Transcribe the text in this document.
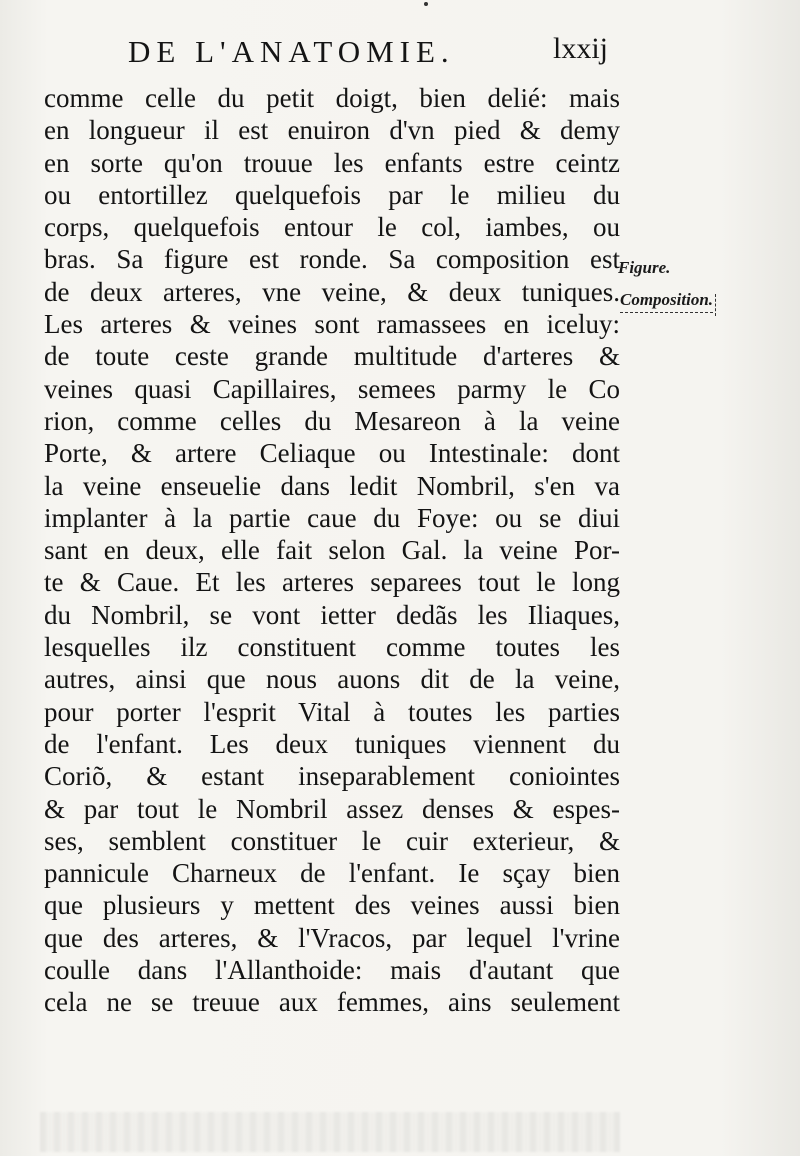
DE L'ANATOMIE.	lxxij
comme celle du petit doigt, bien delié: mais
en longueur il est enuiron d'vn pied & demy
en sorte qu'on trouue les enfants estre ceintz
ou entortillez quelquefois par le milieu du
corps, quelquefois entour le col, iambes, ou
bras. Sa figure est ronde. Sa composition est
de deux arteres, vne veine, & deux tuniques.
Les arteres & veines sont ramassees en iceluy:
de toute ceste grande multitude d'arteres &
veines quasi Capillaires, semees parmy le Co
rion, comme celles du Mesareon à la veine
Porte, & artere Celiaque ou Intestinale: dont
la veine enseuelie dans ledit Nombril, s'en va
implanter à la partie caue du Foye: ou se diui
sant en deux, elle fait selon Gal. la veine Por-
te & Caue. Et les arteres separees tout le long
du Nombril, se vont ietter dedãs les Iliaques,
lesquelles ilz constituent comme toutes les
autres, ainsi que nous auons dit de la veine,
pour porter l'esprit Vital à toutes les parties
de l'enfant. Les deux tuniques viennent du
Coriõ, & estant inseparablement coniointes
& par tout le Nombril assez denses & espes-
ses, semblent constituer le cuir exterieur, &
pannicule Charneux de l'enfant. Ie sçay bien
que plusieurs y mettent des veines aussi bien
que des arteres, & l'Vracos, par lequel l'vrine
coulle dans l'Allanthoide: mais d'autant que
cela ne se treuue aux femmes, ains seulement
Figure.
Composition.
